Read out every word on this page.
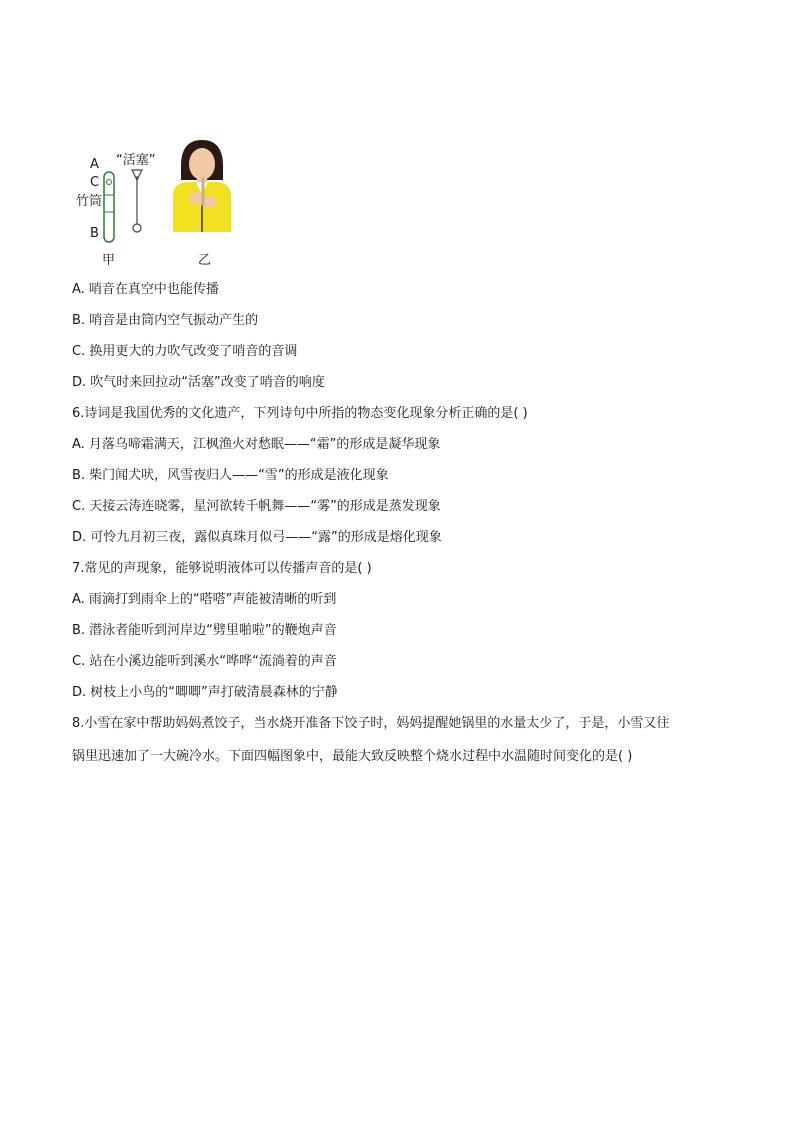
A “活塞”
C
竹筒
B
甲	乙
A. 哨音在真空中也能传播
B. 哨音是由筒内空气振动产生的
C. 换用更大的力吹气改变了哨音的音调
D. 吹气时来回拉动“活塞”改变了哨音的响度
6.诗词是我国优秀的文化遗产，下列诗句中所指的物态变化现象分析正确的是( )
A. 月落乌啼霜满天，江枫渔火对愁眠——“霜”的形成是凝华现象
B. 柴门闻犬吠，风雪夜归人——“雪”的形成是液化现象
C. 天接云涛连晓雾，星河欲转千帆舞——“雾”的形成是蒸发现象
D. 可怜九月初三夜，露似真珠月似弓——“露”的形成是熔化现象
7.常见的声现象，能够说明液体可以传播声音的是( )
A. 雨滴打到雨伞上的“嗒嗒”声能被清晰的听到
B. 潜泳者能听到河岸边“劈里啪啦”的鞭炮声音
C. 站在小溪边能听到溪水“哗哗“流淌着的声音
D. 树枝上小鸟的“唧唧”声打破清晨森林的宁静
8.小雪在家中帮助妈妈煮饺子，当水烧开准备下饺子时，妈妈提醒她锅里的水量太少了，于是，小雪又往
锅里迅速加了一大碗冷水。下面四幅图象中，最能大致反映整个烧水过程中水温随时间变化的是( )
